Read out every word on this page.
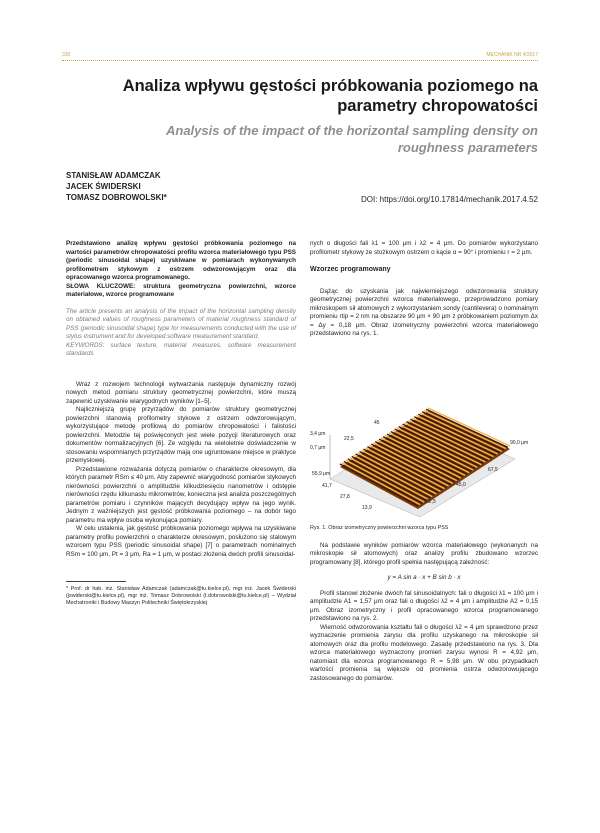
330	MECHANIK NR 4/2017
Analiza wpływu gęstości próbkowania poziomego na parametry chropowatości
Analysis of the impact of the horizontal sampling density on roughness parameters
STANISŁAW ADAMCZAK
JACEK ŚWIDERSKI
TOMASZ DOBROWOLSKI*	DOI: https://doi.org/10.17814/mechanik.2017.4.52

Przedstawiono analizę wpływu gęstości próbkowania poziomego na wartości parametrów chropowatości profilu wzorca materiałowego typu PSS (periodic sinusoidal shape) uzyskiwane w pomiarach wykonywanych profilometrem stykowym z ostrzem odwzorowującym oraz dla opracowanego wzorca programowanego.

SŁOWA KLUCZOWE: struktura geometryczna powierzchni, wzorce materiałowe, wzorce programowane

The article presents an analysis of the impact of the horizontal sampling density on obtained values of roughness parameters of material roughness standard of PSS (periodic sinusoidal shape) type for measurements conducted with the use of stylus instrument and for developed software measurement standard.

KEYWORDS: surface texture, material measures, software measurement standards

Wraz z rozwojem technologii wytwarzania następuje dynamiczny rozwój nowych metod pomiaru struktury geometrycznej powierzchni, które muszą zapewnić uzyskiwanie wiarygodnych wyników [1–5].

Najliczniejszą grupę przyrządów do pomiarów struktury geometrycznej powierzchni stanowią profilometry stykowe z ostrzem odwzorowującym, wykorzystujące metodę profilową do pomiarów chropowatości i falistości powierzchni. Metodzie tej poświęconych jest wiele pozycji literaturowych oraz dokumentów normalizacyjnych [6]. Ze względu na wieloletnie doświadczenie w stosowaniu wspomnianych przyrządów mają one ugruntowane miejsce w praktyce przemysłowej.

Przedstawione rozważania dotyczą pomiarów o charakterze okresowym, dla których parametr RSm ≤ 40 μm. Aby zapewnić wiarygodność pomiarów stykowych nierówności powierzchni o amplitudzie kilkudziesięciu nanometrów i odstępie nierówności rzędu kilkunastu mikrometrów, konieczna jest analiza poszczególnych parametrów pomiaru i czynników mających decydujący wpływ na jego wynik. Jednym z ważniejszych jest gęstość próbkowania poziomego – na dobór tego parametru ma wpływ osoba wykonująca pomiary.

W celu ustalenia, jak gęstość próbkowania poziomego wpływa na uzyskiwane parametry profilu powierzchni o charakterze okresowym, posłużono się stalowym wzorcem typu PSS (periodic sinusoidal shape) [7] o parametrach nominalnych RSm = 100 μm, Pt = 3 μm, Ra = 1 μm, w postaci złożenia dwóch profili sinusoidal-

* Prof. dr hab. inż. Stanisław Adamczak (adamczak@tu.kielce.pl), mgr inż. Jacek Świderski (jswiderski@tu.kielce.pl), mgr inż. Tomasz Dobrowolski (t.dobrowolski@tu.kielce.pl) – Wydział Mechatroniki i Budowy Maszyn Politechniki Świętokrzyskiej

nych o długości fali λ1 = 100 μm i λ2 = 4 μm. Do pomiarów wykorzystano profilometr stykowy ze stożkowym ostrzem o kącie α = 90° i promieniu r = 2 μm.

Wzorzec programowany

Dążąc do uzyskania jak najwierniejszego odwzorowania struktury geometrycznej powierzchni wzorca materiałowego, przeprowadzono pomiary mikroskopem sił atomowych z wykorzystaniem sondy (cantilevera) o nominalnym promieniu rtip = 2 nm na obszarze 90 μm × 90 μm z próbkowaniem poziomym Δx = Δy = 0,18 μm. Obraz izometryczny powierzchni wzorca materiałowego przedstawiono na rys. 1.

3,4 μm
0,7 μm
45
22,5
55,9 μm
41,7
27,8
13,9
90,0 μm
67,5
45,0
22,5

Rys. 1. Obraz izometryczny powierzchni wzorca typu PSS

Na podstawie wyników pomiarów wzorca materiałowego (wykonanych na mikroskopie sił atomowych) oraz analizy profilu zbudowano wzorzec programowany [8], którego profil spełnia następującą zależność:

y = A sin a · x + B sin b · x

Profil stanowi złożenie dwóch fal sinusoidalnych: fali o długości λ1 = 100 μm i amplitudzie A1 = 1,57 μm oraz fali o długości λ2 = 4 μm i amplitudzie A2 = 0,15 μm. Obraz izometryczny i profil opracowanego wzorca programowanego przedstawiono na rys. 2.

Wierność odwzorowania kształtu fali o długości λ2 = 4 μm sprawdzono przez wyznaczenie promienia zarysu dla profilu uzyskanego na mikroskopie sił atomowych oraz dla profilu modelowego. Zasadę przedstawiono na rys. 3. Dla wzorca materiałowego wyznaczony promień zarysu wynosi R = 4,92 μm, natomiast dla wzorca programowanego R = 5,98 μm. W obu przypadkach wartości promienia są większe od promienia ostrza odwzorowującego zastosowanego do pomiarów.
